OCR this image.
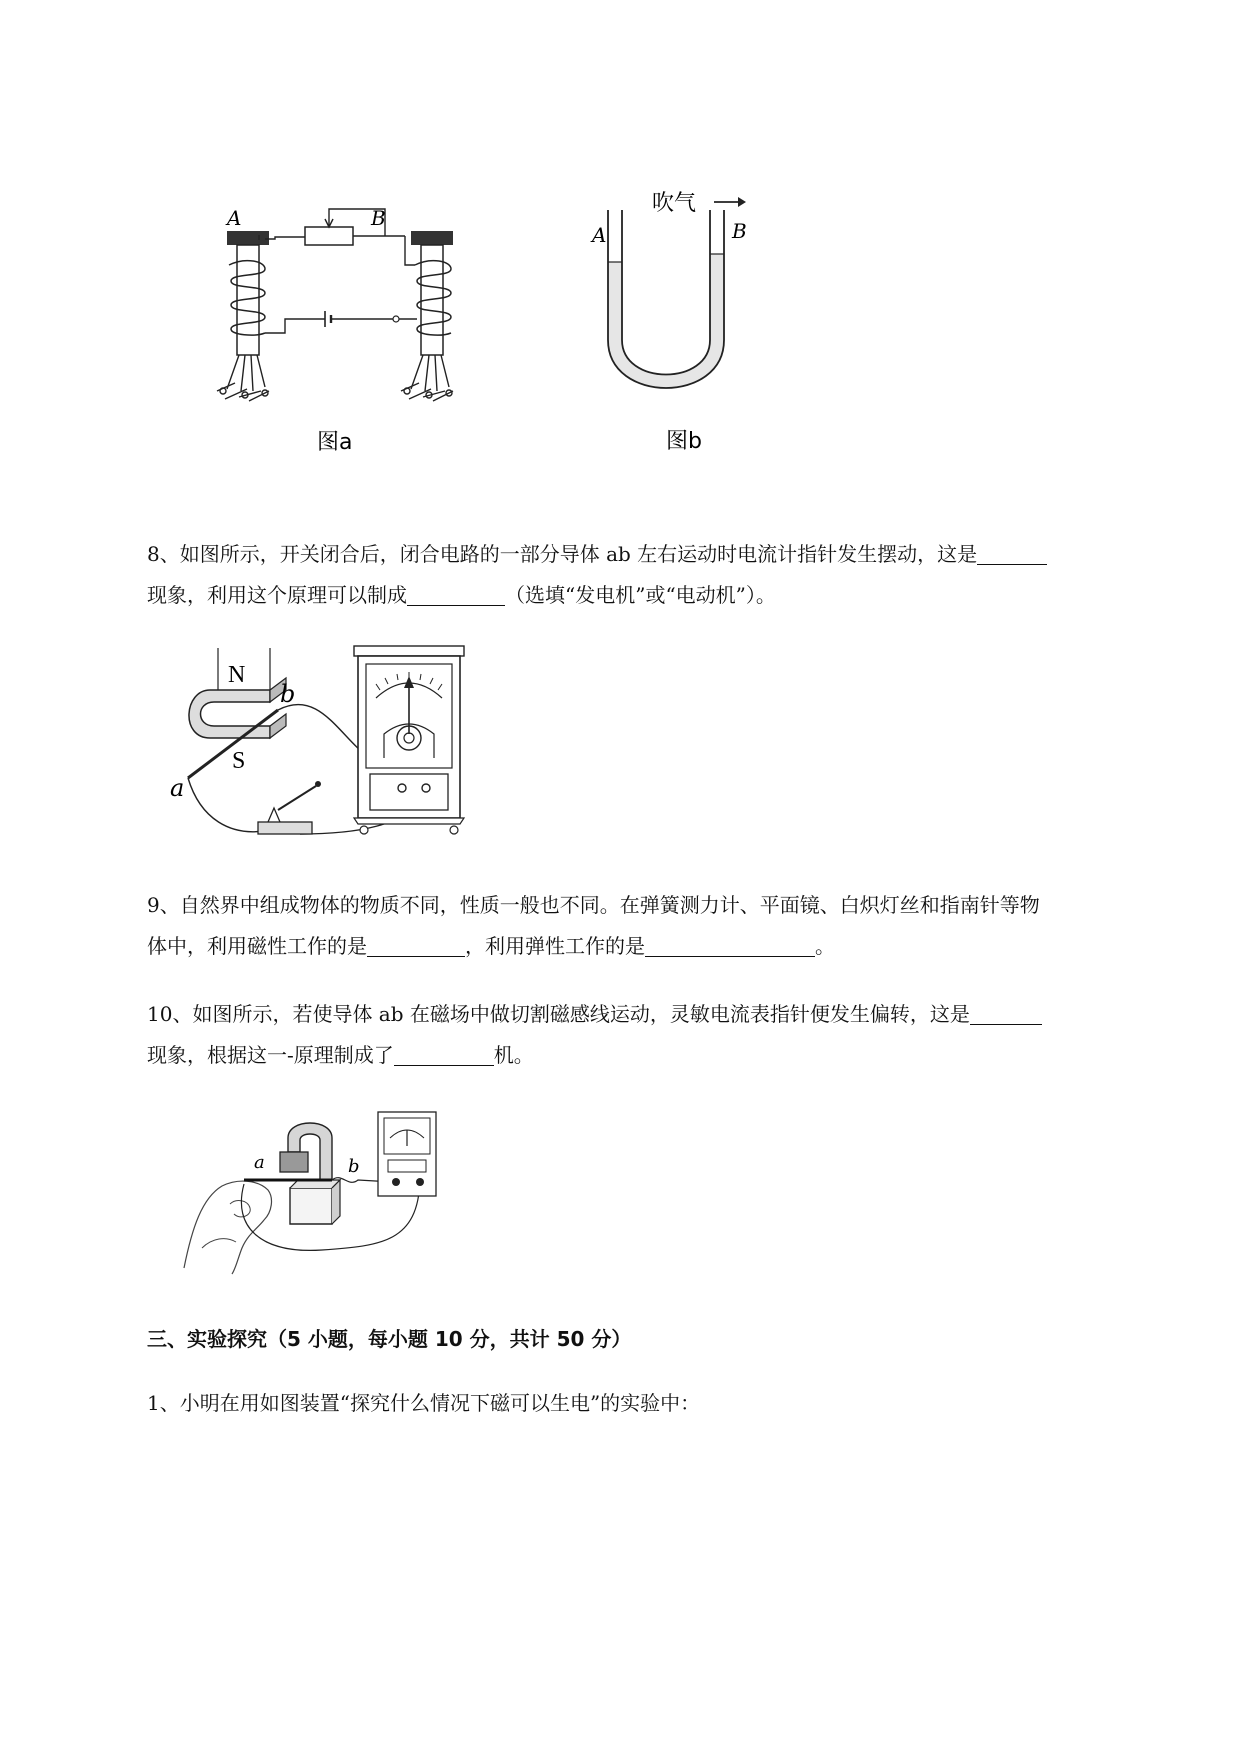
A	B
图a
吹气
A	B
图b
8、如图所示，开关闭合后，闭合电路的一部分导体 ab 左右运动时电流计指针发生摆动，这是
现象，利用这个原理可以制成	（选填“发电机”或“电动机”）。
N
S
a
b
9、自然界中组成物体的物质不同，性质一般也不同。在弹簧测力计、平面镜、白炽灯丝和指南针等物
体中，利用磁性工作的是	，利用弹性工作的是	。
10、如图所示，若使导体 ab 在磁场中做切割磁感线运动，灵敏电流表指针便发生偏转，这是
现象，根据这一-原理制成了	机。
a	b
三、实验探究（5 小题，每小题 10 分，共计 50 分）
1、小明在用如图装置“探究什么情况下磁可以生电”的实验中：
